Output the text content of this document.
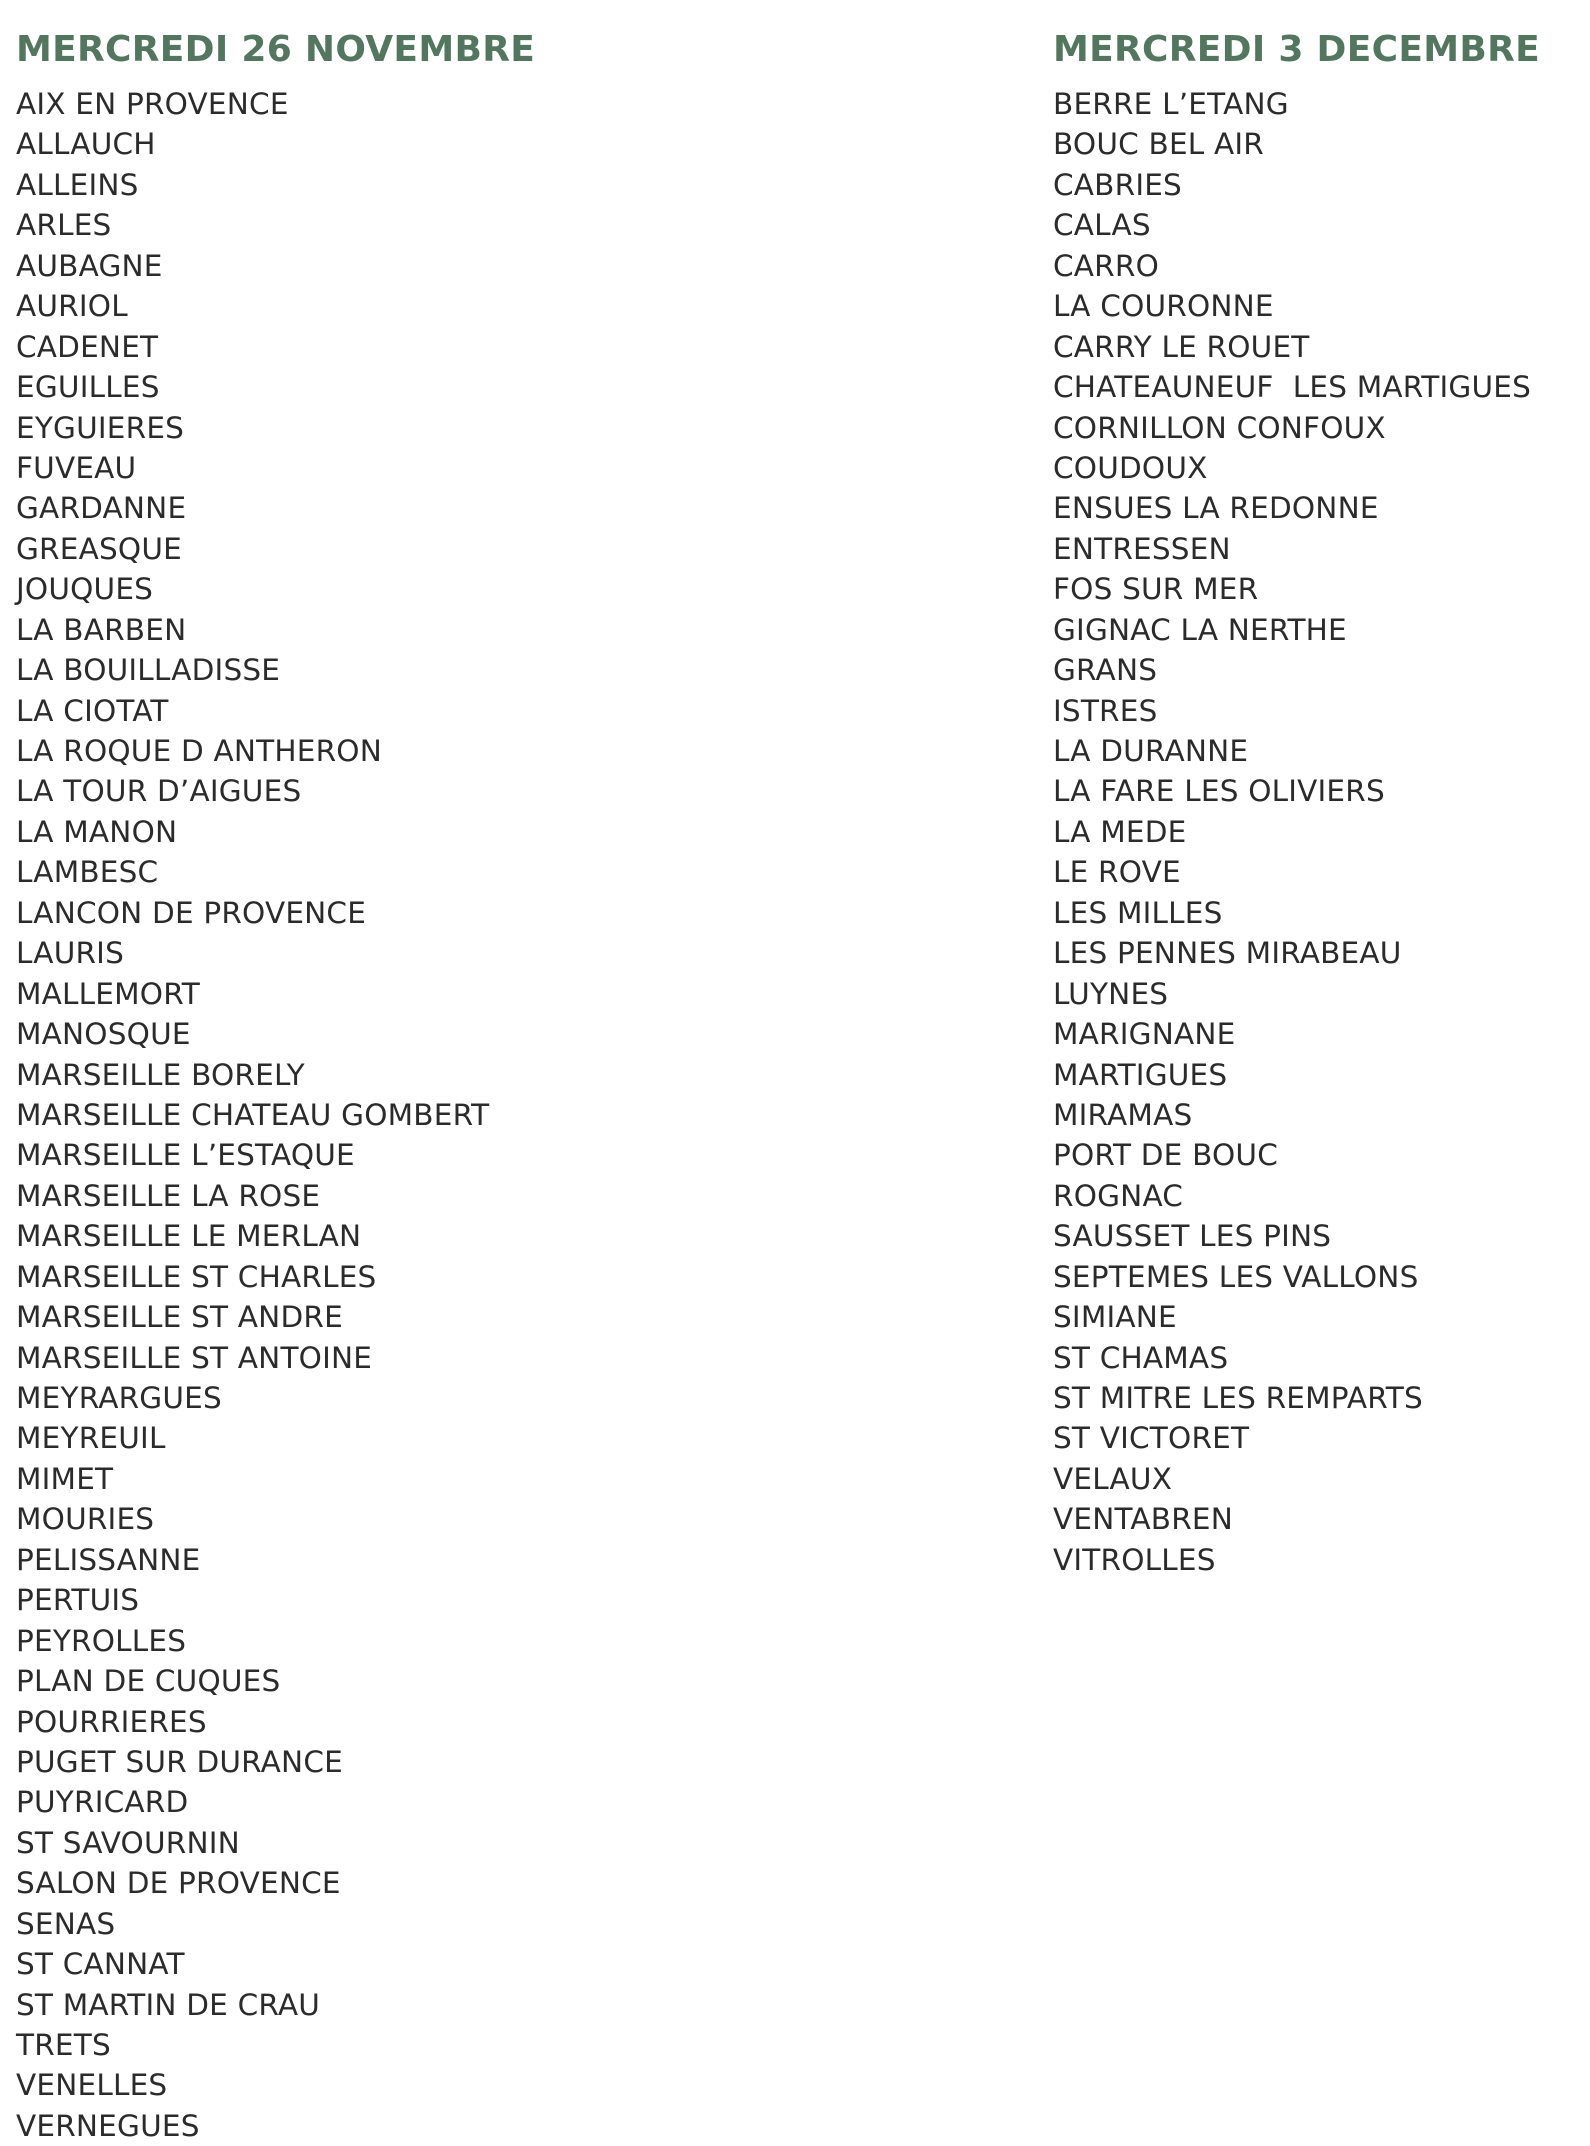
MERCREDI 26 NOVEMBRE
AIX EN PROVENCE
ALLAUCH
ALLEINS
ARLES
AUBAGNE
AURIOL
CADENET
EGUILLES
EYGUIERES
FUVEAU
GARDANNE
GREASQUE
JOUQUES
LA BARBEN
LA BOUILLADISSE
LA CIOTAT
LA ROQUE D ANTHERON
LA TOUR D’AIGUES
LA MANON
LAMBESC
LANCON DE PROVENCE
LAURIS
MALLEMORT
MANOSQUE
MARSEILLE BORELY
MARSEILLE CHATEAU GOMBERT
MARSEILLE L’ESTAQUE
MARSEILLE LA ROSE
MARSEILLE LE MERLAN
MARSEILLE ST CHARLES
MARSEILLE ST ANDRE
MARSEILLE ST ANTOINE
MEYRARGUES
MEYREUIL
MIMET
MOURIES
PELISSANNE
PERTUIS
PEYROLLES
PLAN DE CUQUES
POURRIERES
PUGET SUR DURANCE
PUYRICARD
ST SAVOURNIN
SALON DE PROVENCE
SENAS
ST CANNAT
ST MARTIN DE CRAU
TRETS
VENELLES
VERNEGUES
MERCREDI 3 DECEMBRE
BERRE L’ETANG
BOUC BEL AIR
CABRIES
CALAS
CARRO
LA COURONNE
CARRY LE ROUET
CHATEAUNEUF  LES MARTIGUES
CORNILLON CONFOUX
COUDOUX
ENSUES LA REDONNE
ENTRESSEN
FOS SUR MER
GIGNAC LA NERTHE
GRANS
ISTRES
LA DURANNE
LA FARE LES OLIVIERS
LA MEDE
LE ROVE
LES MILLES
LES PENNES MIRABEAU
LUYNES
MARIGNANE
MARTIGUES
MIRAMAS
PORT DE BOUC
ROGNAC
SAUSSET LES PINS
SEPTEMES LES VALLONS
SIMIANE
ST CHAMAS
ST MITRE LES REMPARTS
ST VICTORET
VELAUX
VENTABREN
VITROLLES
